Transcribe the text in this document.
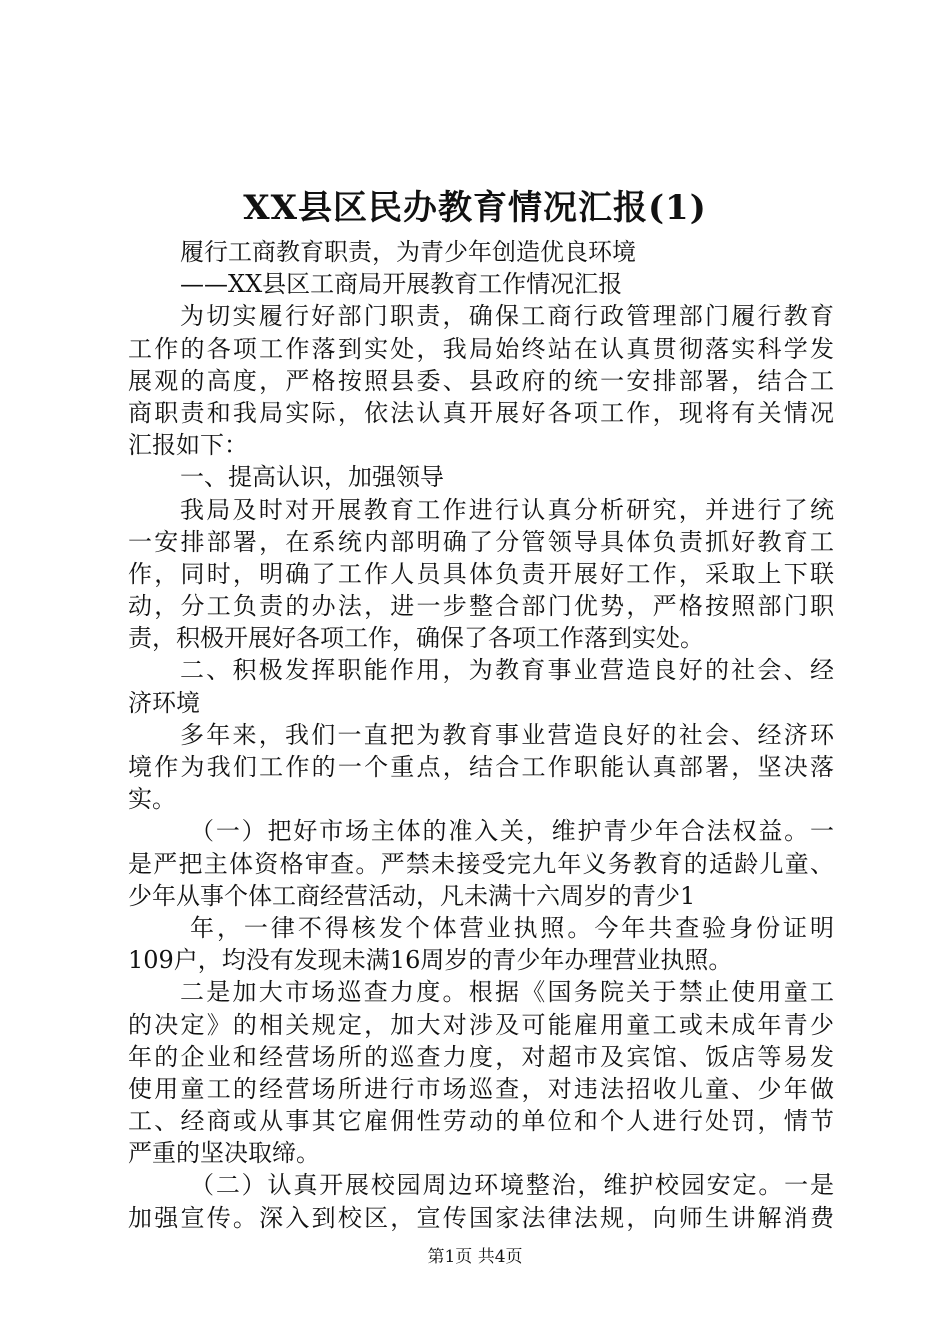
XX县区民办教育情况汇报(1)
履行工商教育职责，为青少年创造优良环境
——XX县区工商局开展教育工作情况汇报
为切实履行好部门职责，确保工商行政管理部门履行教育
工作的各项工作落到实处，我局始终站在认真贯彻落实科学发
展观的高度，严格按照县委、县政府的统一安排部署，结合工
商职责和我局实际，依法认真开展好各项工作，现将有关情况
汇报如下：
一、提高认识，加强领导
我局及时对开展教育工作进行认真分析研究，并进行了统
一安排部署，在系统内部明确了分管领导具体负责抓好教育工
作，同时，明确了工作人员具体负责开展好工作，采取上下联
动，分工负责的办法，进一步整合部门优势，严格按照部门职
责，积极开展好各项工作，确保了各项工作落到实处。
二、积极发挥职能作用，为教育事业营造良好的社会、经
济环境
多年来，我们一直把为教育事业营造良好的社会、经济环
境作为我们工作的一个重点，结合工作职能认真部署，坚决落
实。
（一）把好市场主体的准入关，维护青少年合法权益。一
是严把主体资格审查。严禁未接受完九年义务教育的适龄儿童、
少年从事个体工商经营活动，凡未满十六周岁的青少1
年，一律不得核发个体营业执照。今年共查验身份证明
109户，均没有发现未满16周岁的青少年办理营业执照。
二是加大市场巡查力度。根据《国务院关于禁止使用童工
的决定》的相关规定，加大对涉及可能雇用童工或未成年青少
年的企业和经营场所的巡查力度，对超市及宾馆、饭店等易发
使用童工的经营场所进行市场巡查，对违法招收儿童、少年做
工、经商或从事其它雇佣性劳动的单位和个人进行处罚，情节
严重的坚决取缔。
（二）认真开展校园周边环境整治，维护校园安定。一是
加强宣传。深入到校区，宣传国家法律法规，向师生讲解消费
第1页 共4页
